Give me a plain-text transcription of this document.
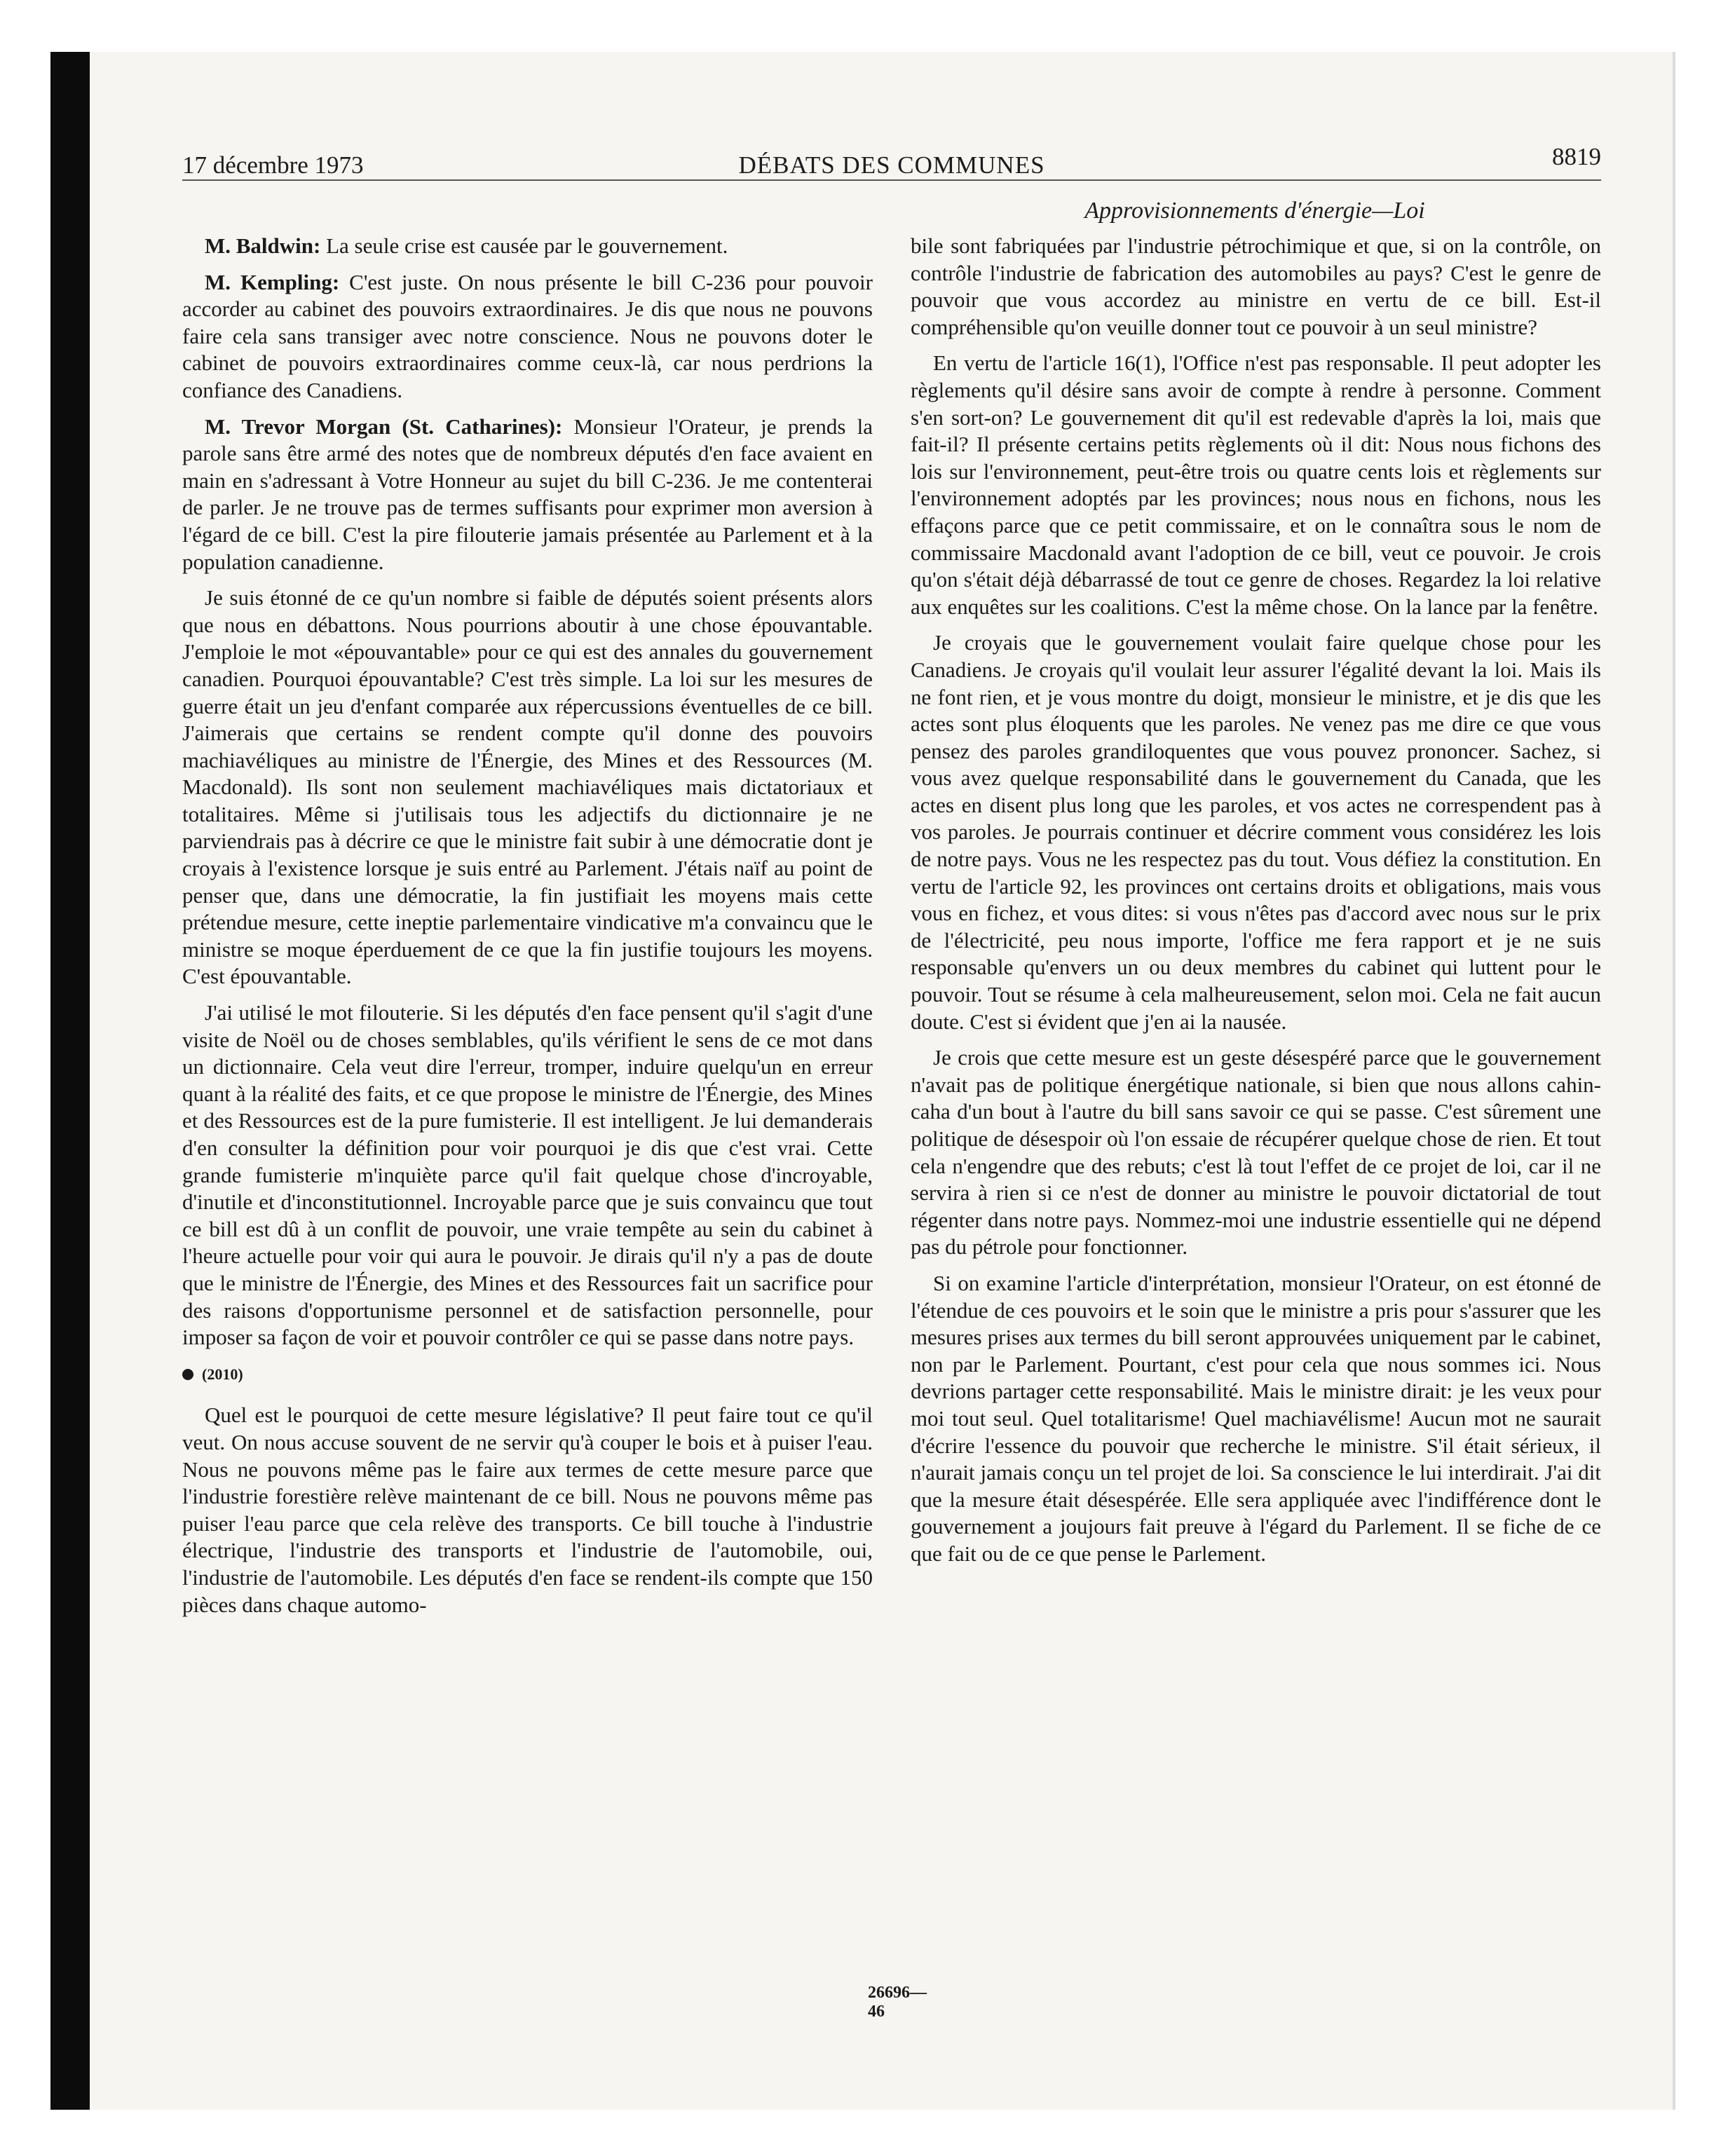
17 décembre 1973	DÉBATS DES COMMUNES	8819
Approvisionnements d'énergie—Loi

M. Baldwin: La seule crise est causée par le gouvernement.

M. Kempling: C'est juste. On nous présente le bill C-236 pour pouvoir accorder au cabinet des pouvoirs extraordinaires. Je dis que nous ne pouvons faire cela sans transiger avec notre conscience. Nous ne pouvons doter le cabinet de pouvoirs extraordinaires comme ceux-là, car nous perdrions la confiance des Canadiens.

M. Trevor Morgan (St. Catharines): Monsieur l'Orateur, je prends la parole sans être armé des notes que de nombreux députés d'en face avaient en main en s'adressant à Votre Honneur au sujet du bill C-236. Je me contenterai de parler. Je ne trouve pas de termes suffisants pour exprimer mon aversion à l'égard de ce bill. C'est la pire filouterie jamais présentée au Parlement et à la population canadienne.

Je suis étonné de ce qu'un nombre si faible de députés soient présents alors que nous en débattons. Nous pourrions aboutir à une chose épouvantable. J'emploie le mot «épouvantable» pour ce qui est des annales du gouvernement canadien. Pourquoi épouvantable? C'est très simple. La loi sur les mesures de guerre était un jeu d'enfant comparée aux répercussions éventuelles de ce bill. J'aimerais que certains se rendent compte qu'il donne des pouvoirs machiavéliques au ministre de l'Énergie, des Mines et des Ressources (M. Macdonald). Ils sont non seulement machiavéliques mais dictatoriaux et totalitaires. Même si j'utilisais tous les adjectifs du dictionnaire je ne parviendrais pas à décrire ce que le ministre fait subir à une démocratie dont je croyais à l'existence lorsque je suis entré au Parlement. J'étais naïf au point de penser que, dans une démocratie, la fin justifiait les moyens mais cette prétendue mesure, cette ineptie parlementaire vindicative m'a convaincu que le ministre se moque éperduement de ce que la fin justifie toujours les moyens. C'est épouvantable.

J'ai utilisé le mot filouterie. Si les députés d'en face pensent qu'il s'agit d'une visite de Noël ou de choses semblables, qu'ils vérifient le sens de ce mot dans un dictionnaire. Cela veut dire l'erreur, tromper, induire quelqu'un en erreur quant à la réalité des faits, et ce que propose le ministre de l'Énergie, des Mines et des Ressources est de la pure fumisterie. Il est intelligent. Je lui demanderais d'en consulter la définition pour voir pourquoi je dis que c'est vrai. Cette grande fumisterie m'inquiète parce qu'il fait quelque chose d'incroyable, d'inutile et d'inconstitutionnel. Incroyable parce que je suis convaincu que tout ce bill est dû à un conflit de pouvoir, une vraie tempête au sein du cabinet à l'heure actuelle pour voir qui aura le pouvoir. Je dirais qu'il n'y a pas de doute que le ministre de l'Énergie, des Mines et des Ressources fait un sacrifice pour des raisons d'opportunisme personnel et de satisfaction personnelle, pour imposer sa façon de voir et pouvoir contrôler ce qui se passe dans notre pays.

(2010)

Quel est le pourquoi de cette mesure législative? Il peut faire tout ce qu'il veut. On nous accuse souvent de ne servir qu'à couper le bois et à puiser l'eau. Nous ne pouvons même pas le faire aux termes de cette mesure parce que l'industrie forestière relève maintenant de ce bill. Nous ne pouvons même pas puiser l'eau parce que cela relève des transports. Ce bill touche à l'industrie électrique, l'industrie des transports et l'industrie de l'automobile, oui, l'industrie de l'automobile. Les députés d'en face se rendent-ils compte que 150 pièces dans chaque automo-

bile sont fabriquées par l'industrie pétrochimique et que, si on la contrôle, on contrôle l'industrie de fabrication des automobiles au pays? C'est le genre de pouvoir que vous accordez au ministre en vertu de ce bill. Est-il compréhensible qu'on veuille donner tout ce pouvoir à un seul ministre?

En vertu de l'article 16(1), l'Office n'est pas responsable. Il peut adopter les règlements qu'il désire sans avoir de compte à rendre à personne. Comment s'en sort-on? Le gouvernement dit qu'il est redevable d'après la loi, mais que fait-il? Il présente certains petits règlements où il dit: Nous nous fichons des lois sur l'environnement, peut-être trois ou quatre cents lois et règlements sur l'environnement adoptés par les provinces; nous nous en fichons, nous les effaçons parce que ce petit commissaire, et on le connaîtra sous le nom de commissaire Macdonald avant l'adoption de ce bill, veut ce pouvoir. Je crois qu'on s'était déjà débarrassé de tout ce genre de choses. Regardez la loi relative aux enquêtes sur les coalitions. C'est la même chose. On la lance par la fenêtre.

Je croyais que le gouvernement voulait faire quelque chose pour les Canadiens. Je croyais qu'il voulait leur assurer l'égalité devant la loi. Mais ils ne font rien, et je vous montre du doigt, monsieur le ministre, et je dis que les actes sont plus éloquents que les paroles. Ne venez pas me dire ce que vous pensez des paroles grandiloquentes que vous pouvez prononcer. Sachez, si vous avez quelque responsabilité dans le gouvernement du Canada, que les actes en disent plus long que les paroles, et vos actes ne correspendent pas à vos paroles. Je pourrais continuer et décrire comment vous considérez les lois de notre pays. Vous ne les respectez pas du tout. Vous défiez la constitution. En vertu de l'article 92, les provinces ont certains droits et obligations, mais vous vous en fichez, et vous dites: si vous n'êtes pas d'accord avec nous sur le prix de l'électricité, peu nous importe, l'office me fera rapport et je ne suis responsable qu'envers un ou deux membres du cabinet qui luttent pour le pouvoir. Tout se résume à cela malheureusement, selon moi. Cela ne fait aucun doute. C'est si évident que j'en ai la nausée.

Je crois que cette mesure est un geste désespéré parce que le gouvernement n'avait pas de politique énergétique nationale, si bien que nous allons cahin-caha d'un bout à l'autre du bill sans savoir ce qui se passe. C'est sûrement une politique de désespoir où l'on essaie de récupérer quelque chose de rien. Et tout cela n'engendre que des rebuts; c'est là tout l'effet de ce projet de loi, car il ne servira à rien si ce n'est de donner au ministre le pouvoir dictatorial de tout régenter dans notre pays. Nommez-moi une industrie essentielle qui ne dépend pas du pétrole pour fonctionner.

Si on examine l'article d'interprétation, monsieur l'Orateur, on est étonné de l'étendue de ces pouvoirs et le soin que le ministre a pris pour s'assurer que les mesures prises aux termes du bill seront approuvées uniquement par le cabinet, non par le Parlement. Pourtant, c'est pour cela que nous sommes ici. Nous devrions partager cette responsabilité. Mais le ministre dirait: je les veux pour moi tout seul. Quel totalitarisme! Quel machiavélisme! Aucun mot ne saurait d'écrire l'essence du pouvoir que recherche le ministre. S'il était sérieux, il n'aurait jamais conçu un tel projet de loi. Sa conscience le lui interdirait. J'ai dit que la mesure était désespérée. Elle sera appliquée avec l'indifférence dont le gouvernement a joujours fait preuve à l'égard du Parlement. Il se fiche de ce que fait ou de ce que pense le Parlement.

26696—46
